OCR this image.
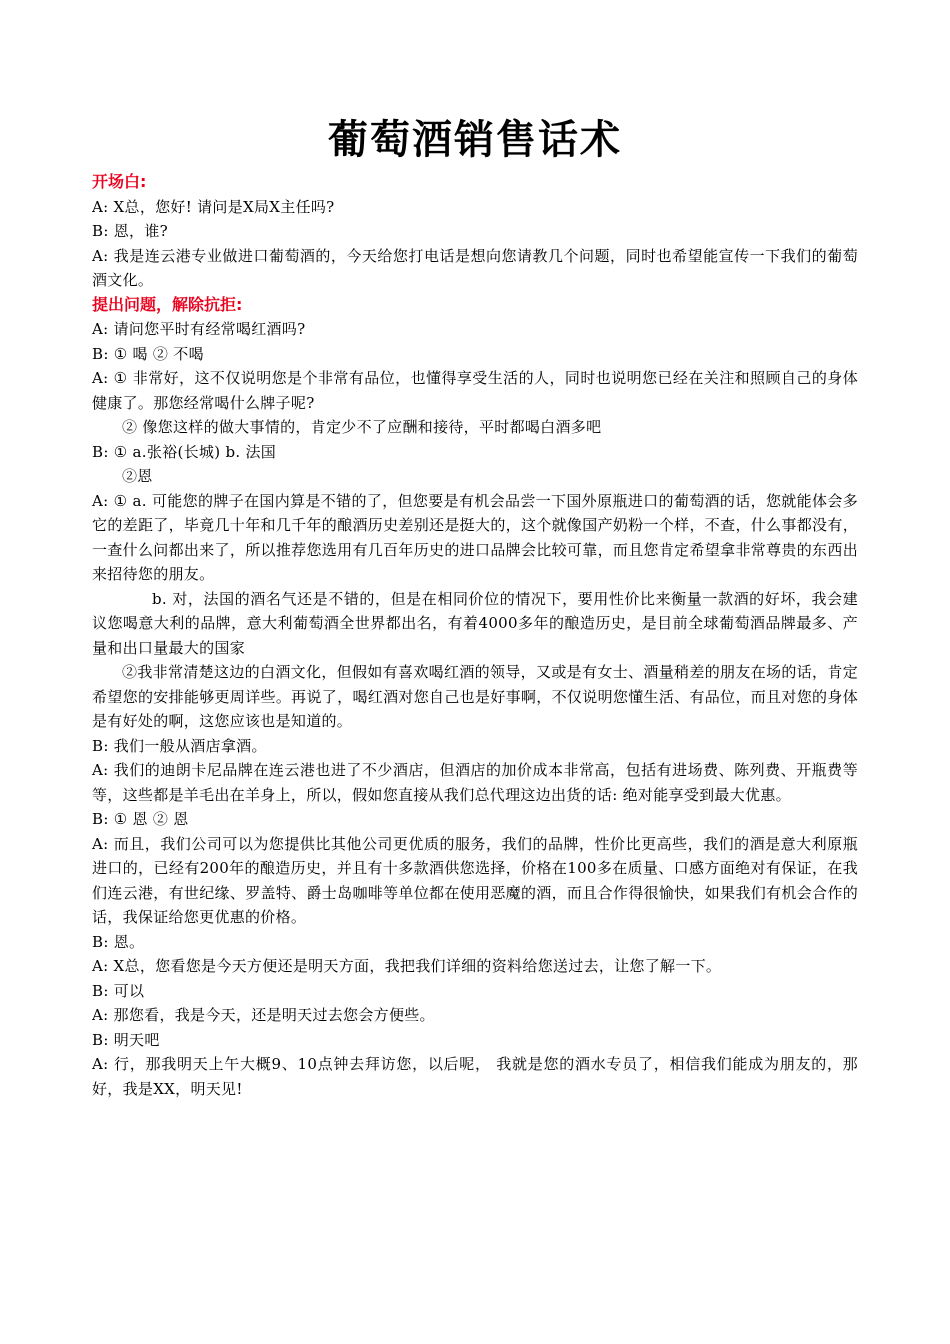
葡萄酒销售话术
开场白:
A: X总，您好! 请问是X局X主任吗?
B: 恩，谁?
A: 我是连云港专业做进口葡萄酒的，今天给您打电话是想向您请教几个问题，同时也希望能宣传一下我们的葡萄酒文化。
提出问题，解除抗拒:
A: 请问您平时有经常喝红酒吗?
B: ① 喝 ② 不喝
A: ① 非常好，这不仅说明您是个非常有品位，也懂得享受生活的人，同时也说明您已经在关注和照顾自己的身体健康了。那您经常喝什么牌子呢?
② 像您这样的做大事情的，肯定少不了应酬和接待，平时都喝白酒多吧
B: ① a.张裕(长城) b. 法国
②恩
A: ① a. 可能您的牌子在国内算是不错的了，但您要是有机会品尝一下国外原瓶进口的葡萄酒的话，您就能体会多它的差距了，毕竟几十年和几千年的酿酒历史差别还是挺大的，这个就像国产奶粉一个样，不查，什么事都没有，一查什么问都出来了，所以推荐您选用有几百年历史的进口品牌会比较可靠，而且您肯定希望拿非常尊贵的东西出来招待您的朋友。
b. 对，法国的酒名气还是不错的，但是在相同价位的情况下，要用性价比来衡量一款酒的好坏，我会建议您喝意大利的品牌，意大利葡萄酒全世界都出名，有着4000多年的酿造历史，是目前全球葡萄酒品牌最多、产量和出口量最大的国家
②我非常清楚这边的白酒文化，但假如有喜欢喝红酒的领导，又或是有女士、酒量稍差的朋友在场的话，肯定希望您的安排能够更周详些。再说了，喝红酒对您自己也是好事啊，不仅说明您懂生活、有品位，而且对您的身体是有好处的啊，这您应该也是知道的。
B: 我们一般从酒店拿酒。
A: 我们的迪朗卡尼品牌在连云港也进了不少酒店，但酒店的加价成本非常高，包括有进场费、陈列费、开瓶费等等，这些都是羊毛出在羊身上，所以，假如您直接从我们总代理这边出货的话: 绝对能享受到最大优惠。
B: ① 恩 ② 恩
A: 而且，我们公司可以为您提供比其他公司更优质的服务，我们的品牌，性价比更高些，我们的酒是意大利原瓶进口的，已经有200年的酿造历史，并且有十多款酒供您选择，价格在100多在质量、口感方面绝对有保证，在我们连云港，有世纪缘、罗盖特、爵士岛咖啡等单位都在使用恶魔的酒，而且合作得很愉快，如果我们有机会合作的话，我保证给您更优惠的价格。
B: 恩。
A: X总，您看您是今天方便还是明天方面，我把我们详细的资料给您送过去，让您了解一下。
B: 可以
A: 那您看，我是今天，还是明天过去您会方便些。
B: 明天吧
A: 行，那我明天上午大概9、10点钟去拜访您，以后呢， 我就是您的酒水专员了，相信我们能成为朋友的，那好，我是XX，明天见!
